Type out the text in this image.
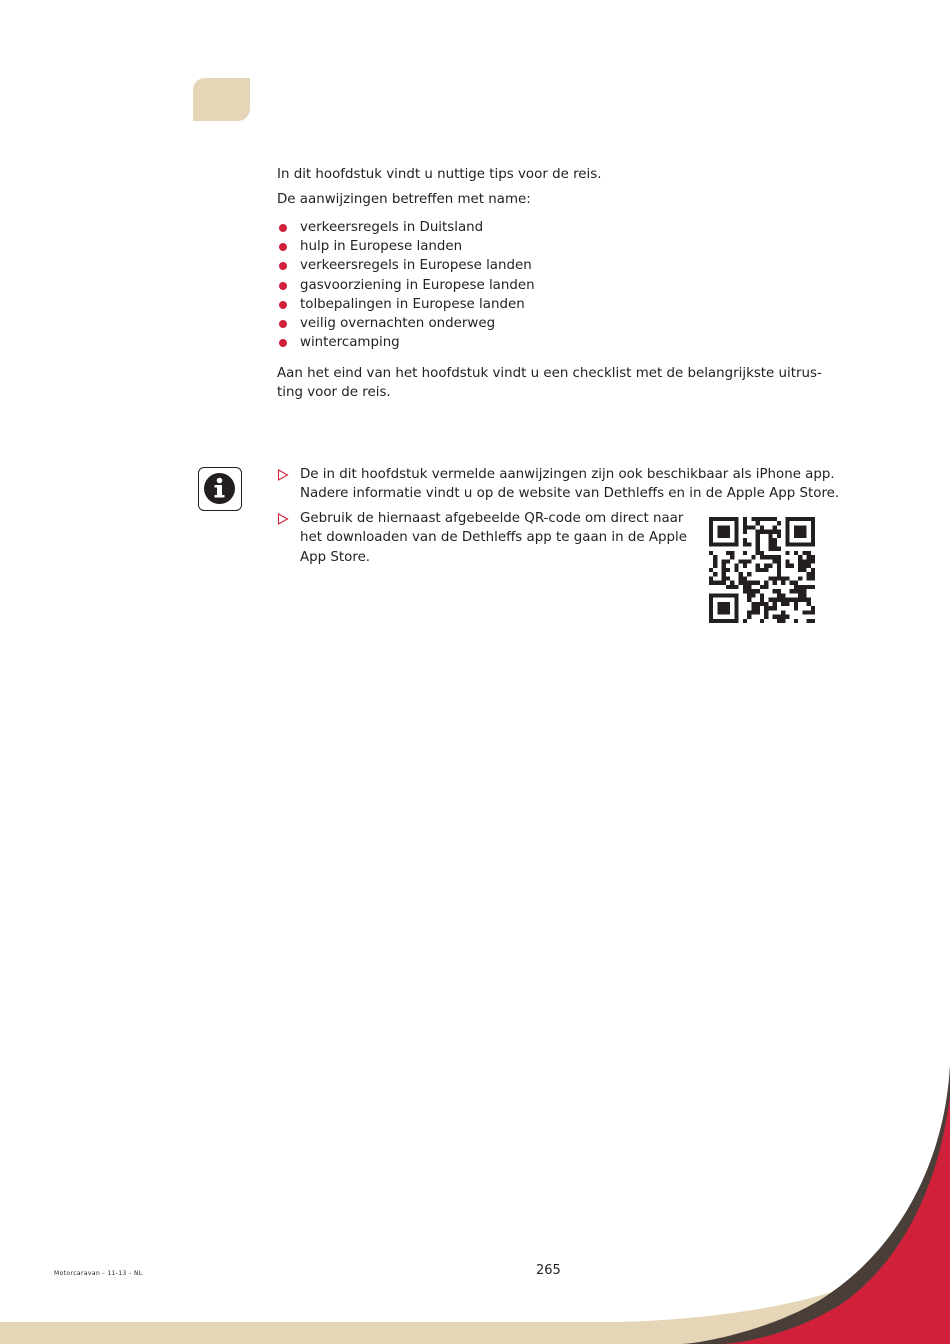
In dit hoofdstuk vindt u nuttige tips voor de reis.

De aanwijzingen betreffen met name:

verkeersregels in Duitsland
hulp in Europese landen
verkeersregels in Europese landen
gasvoorziening in Europese landen
tolbepalingen in Europese landen
veilig overnachten onderweg
wintercamping

Aan het eind van het hoofdstuk vindt u een checklist met de belangrijkste uitrus-

ting voor de reis.

De in dit hoofdstuk vermelde aanwijzingen zijn ook beschikbaar als iPhone app.
Nadere informatie vindt u op de website van Dethleffs en in de Apple App Store.
Gebruik de hiernaast afgebeelde QR-code om direct naar
het downloaden van de Dethleffs app te gaan in de Apple
App Store.
Motorcaravan - 11-13 - NL	265
